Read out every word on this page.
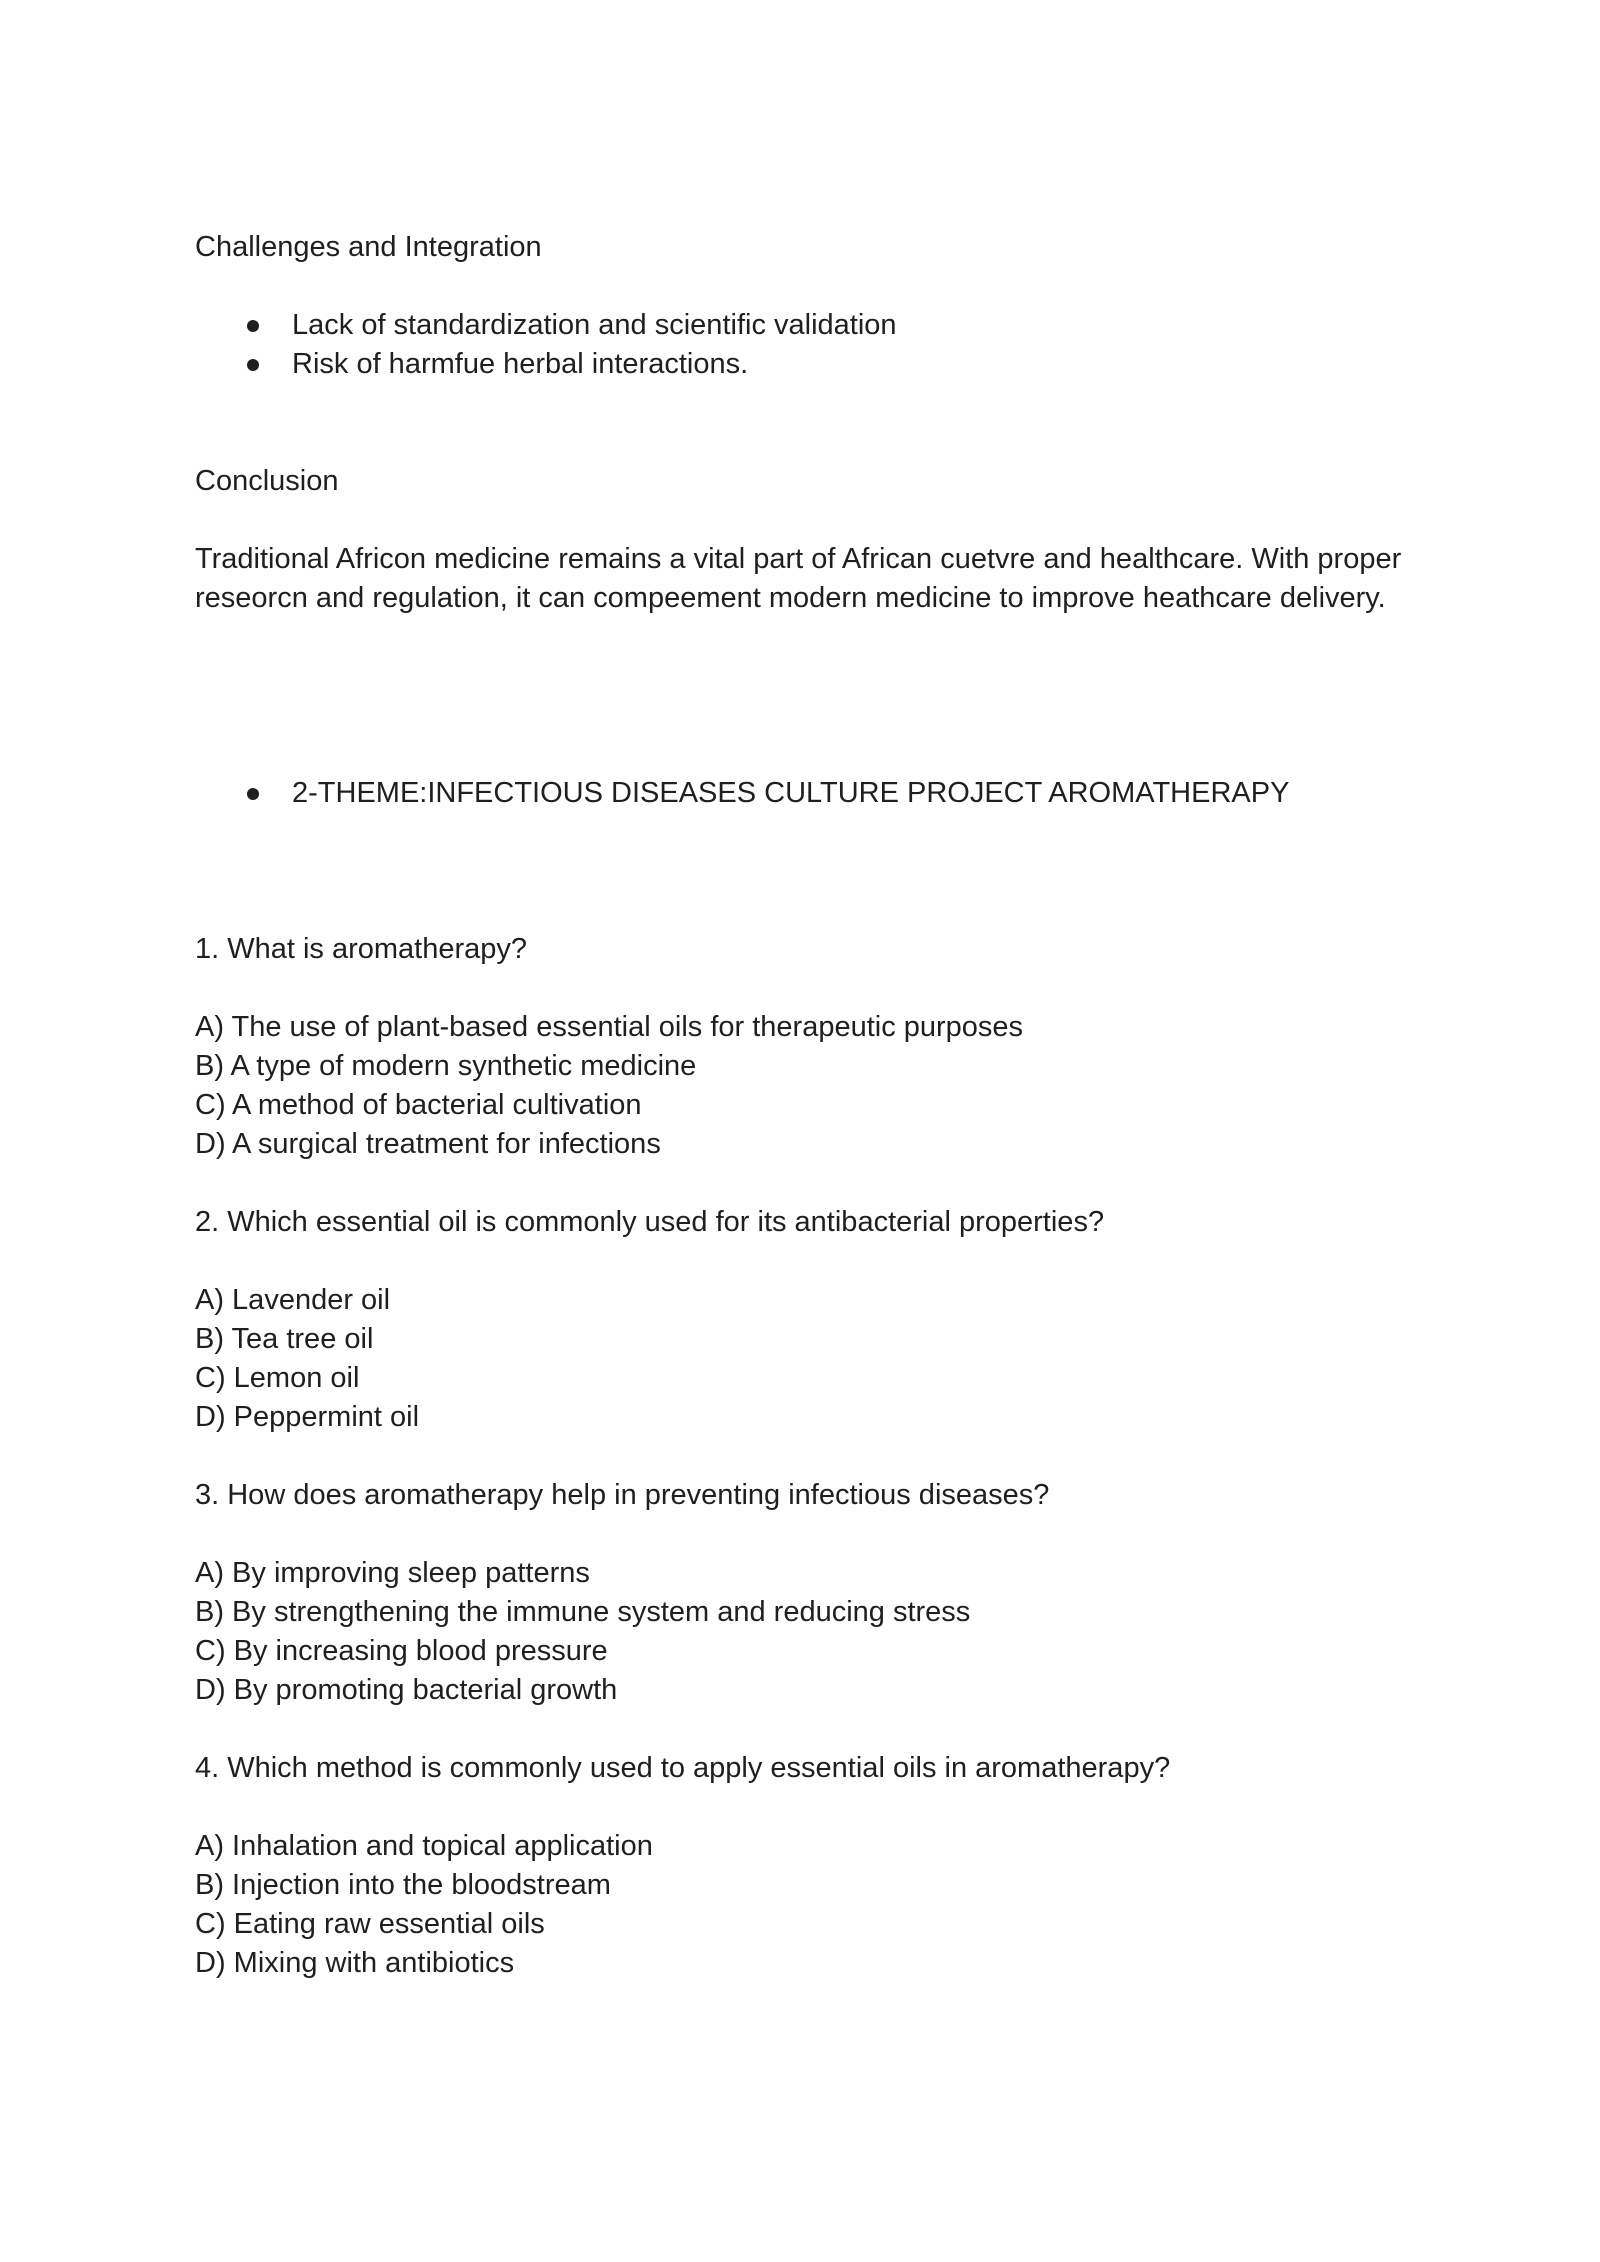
Challenges and Integration

Lack of standardization and scientific validation
Risk of harmfue herbal interactions.

Conclusion

Traditional Africon medicine remains a vital part of African cuetvre and healthcare. With proper reseorcn and regulation, it can compeement modern medicine to improve heathcare delivery.

2-THEME:INFECTIOUS DISEASES CULTURE PROJECT AROMATHERAPY

1. What is aromatherapy?

A) The use of plant-based essential oils for therapeutic purposes
B) A type of modern synthetic medicine
C) A method of bacterial cultivation
D) A surgical treatment for infections

2. Which essential oil is commonly used for its antibacterial properties?

A) Lavender oil
B) Tea tree oil
C) Lemon oil
D) Peppermint oil

3. How does aromatherapy help in preventing infectious diseases?

A) By improving sleep patterns
B) By strengthening the immune system and reducing stress
C) By increasing blood pressure
D) By promoting bacterial growth

4. Which method is commonly used to apply essential oils in aromatherapy?

A) Inhalation and topical application
B) Injection into the bloodstream
C) Eating raw essential oils
D) Mixing with antibiotics
